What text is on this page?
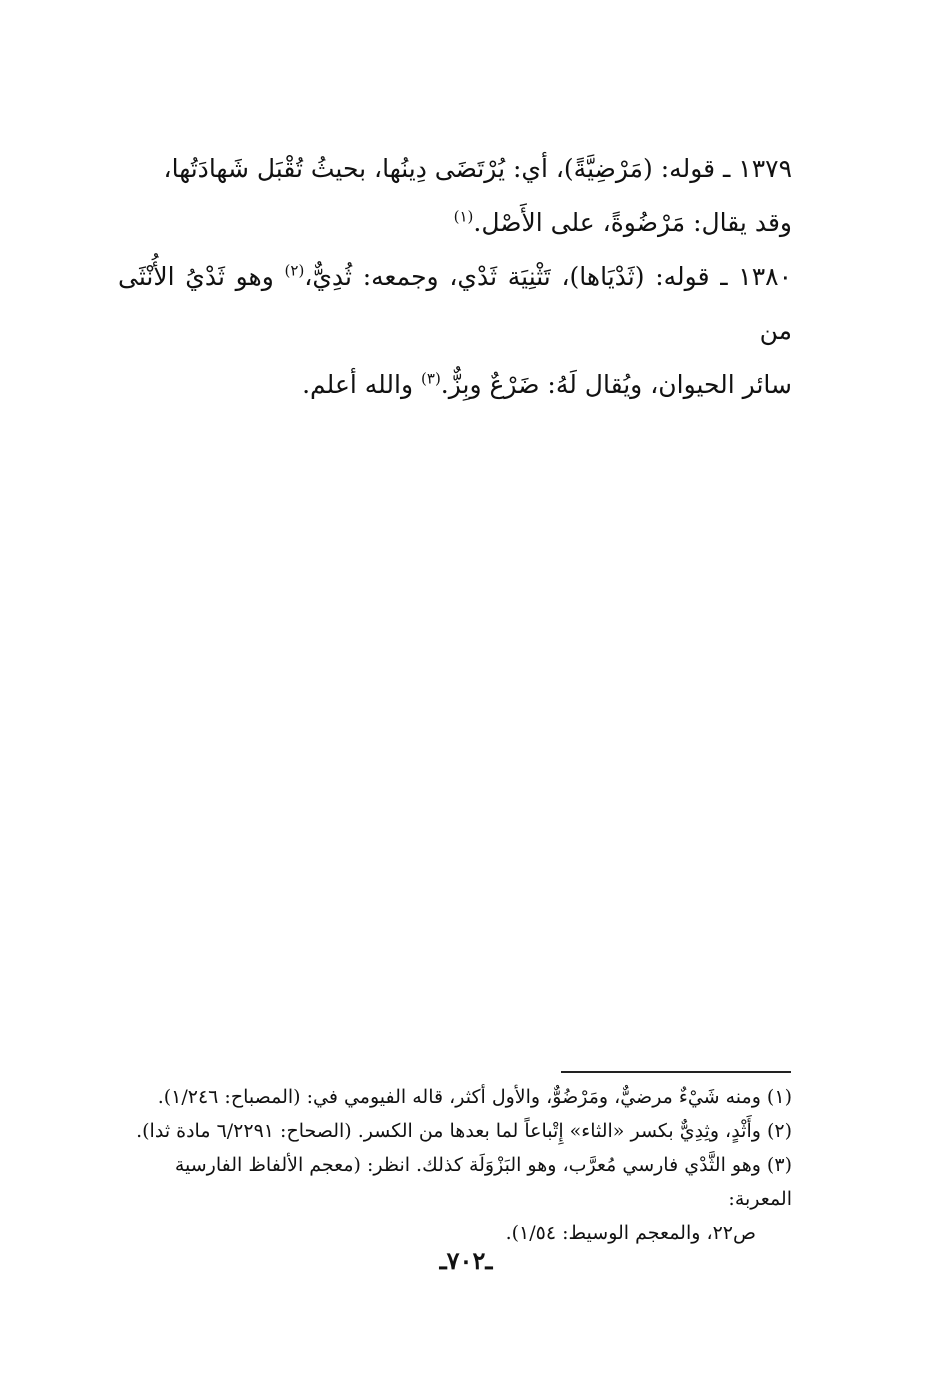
١٣٧٩ ـ قوله: (مَرْضِيَّةً)، أي: يُرْتَضَى دِينُها، بحيثُ تُقْبَل شَهادَتُها،
وقد يقال: مَرْضُوةً، على الأَصْل.$^{(١)}$

١٣٨٠ ـ قوله: (ثَدْيَاها)، تَثْنِيَة ثَدْي، وجمعه: ثُدِيٌّ،$^{(٢)}$ وهو ثَدْيُ الأُنْثَى من
سائر الحيوان، ويُقال لَهُ: ضَرْعٌ وبِزٌّ.$^{(٣)}$ والله أعلم.

(١) ومنه شَيْءٌ مرضيٌّ، ومَرْضُوٌّ، والأول أكثر، قاله الفيومي في: (المصباح: ١/٢٤٦).

(٢) وأَثْدٍ، وثِدِيٌّ بكسر «الثاء» إِتْباعاً لما بعدها من الكسر. (الصحاح: ٦/٢٢٩١ مادة ثدا).

(٣) وهو الثَّدْي فارسي مُعرَّب، وهو البَزْوَلَة كذلك. انظر: (معجم الألفاظ الفارسية المعربة:

ص٢٢، والمعجم الوسيط: ١/٥٤).

ـ٧٠٢ـ
